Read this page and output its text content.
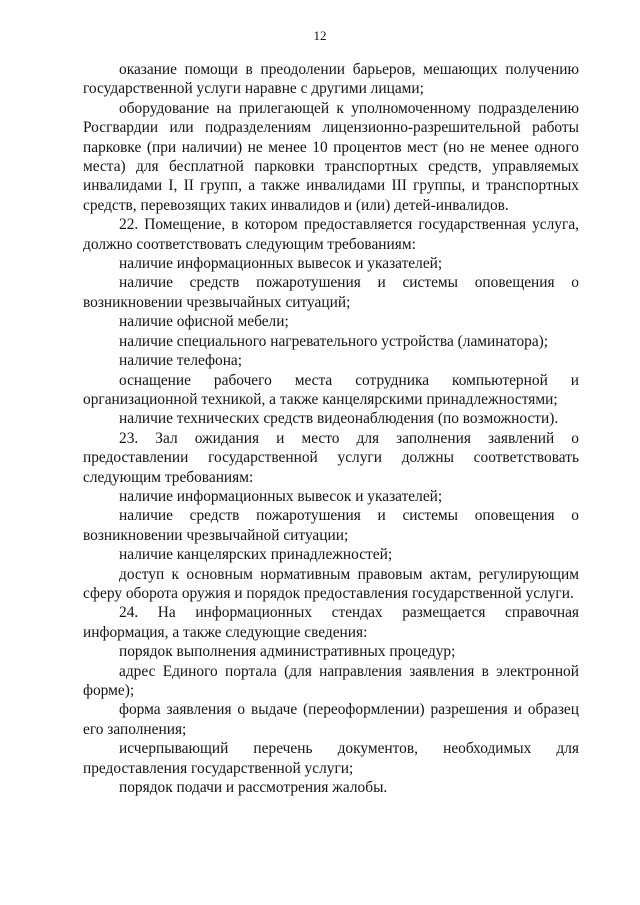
12

оказание помощи в преодолении барьеров, мешающих получению государственной услуги наравне с другими лицами;

оборудование на прилегающей к уполномоченному подразделению Росгвардии или подразделениям лицензионно-разрешительной работы парковке (при наличии) не менее 10 процентов мест (но не менее одного места) для бесплатной парковки транспортных средств, управляемых инвалидами I, II групп, а также инвалидами III группы, и транспортных средств, перевозящих таких инвалидов и (или) детей-инвалидов.

22. Помещение, в котором предоставляется государственная услуга, должно соответствовать следующим требованиям:

наличие информационных вывесок и указателей;

наличие средств пожаротушения и системы оповещения о возникновении чрезвычайных ситуаций;

наличие офисной мебели;

наличие специального нагревательного устройства (ламинатора);

наличие телефона;

оснащение рабочего места сотрудника компьютерной и организационной техникой, а также канцелярскими принадлежностями;

наличие технических средств видеонаблюдения (по возможности).

23. Зал ожидания и место для заполнения заявлений о предоставлении государственной услуги должны соответствовать следующим требованиям:

наличие информационных вывесок и указателей;

наличие средств пожаротушения и системы оповещения о возникновении чрезвычайной ситуации;

наличие канцелярских принадлежностей;

доступ к основным нормативным правовым актам, регулирующим сферу оборота оружия и порядок предоставления государственной услуги.

24. На информационных стендах размещается справочная информация, а также следующие сведения:

порядок выполнения административных процедур;

адрес Единого портала (для направления заявления в электронной форме);

форма заявления о выдаче (переоформлении) разрешения и образец его заполнения;

исчерпывающий перечень документов, необходимых для предоставления государственной услуги;

порядок подачи и рассмотрения жалобы.
